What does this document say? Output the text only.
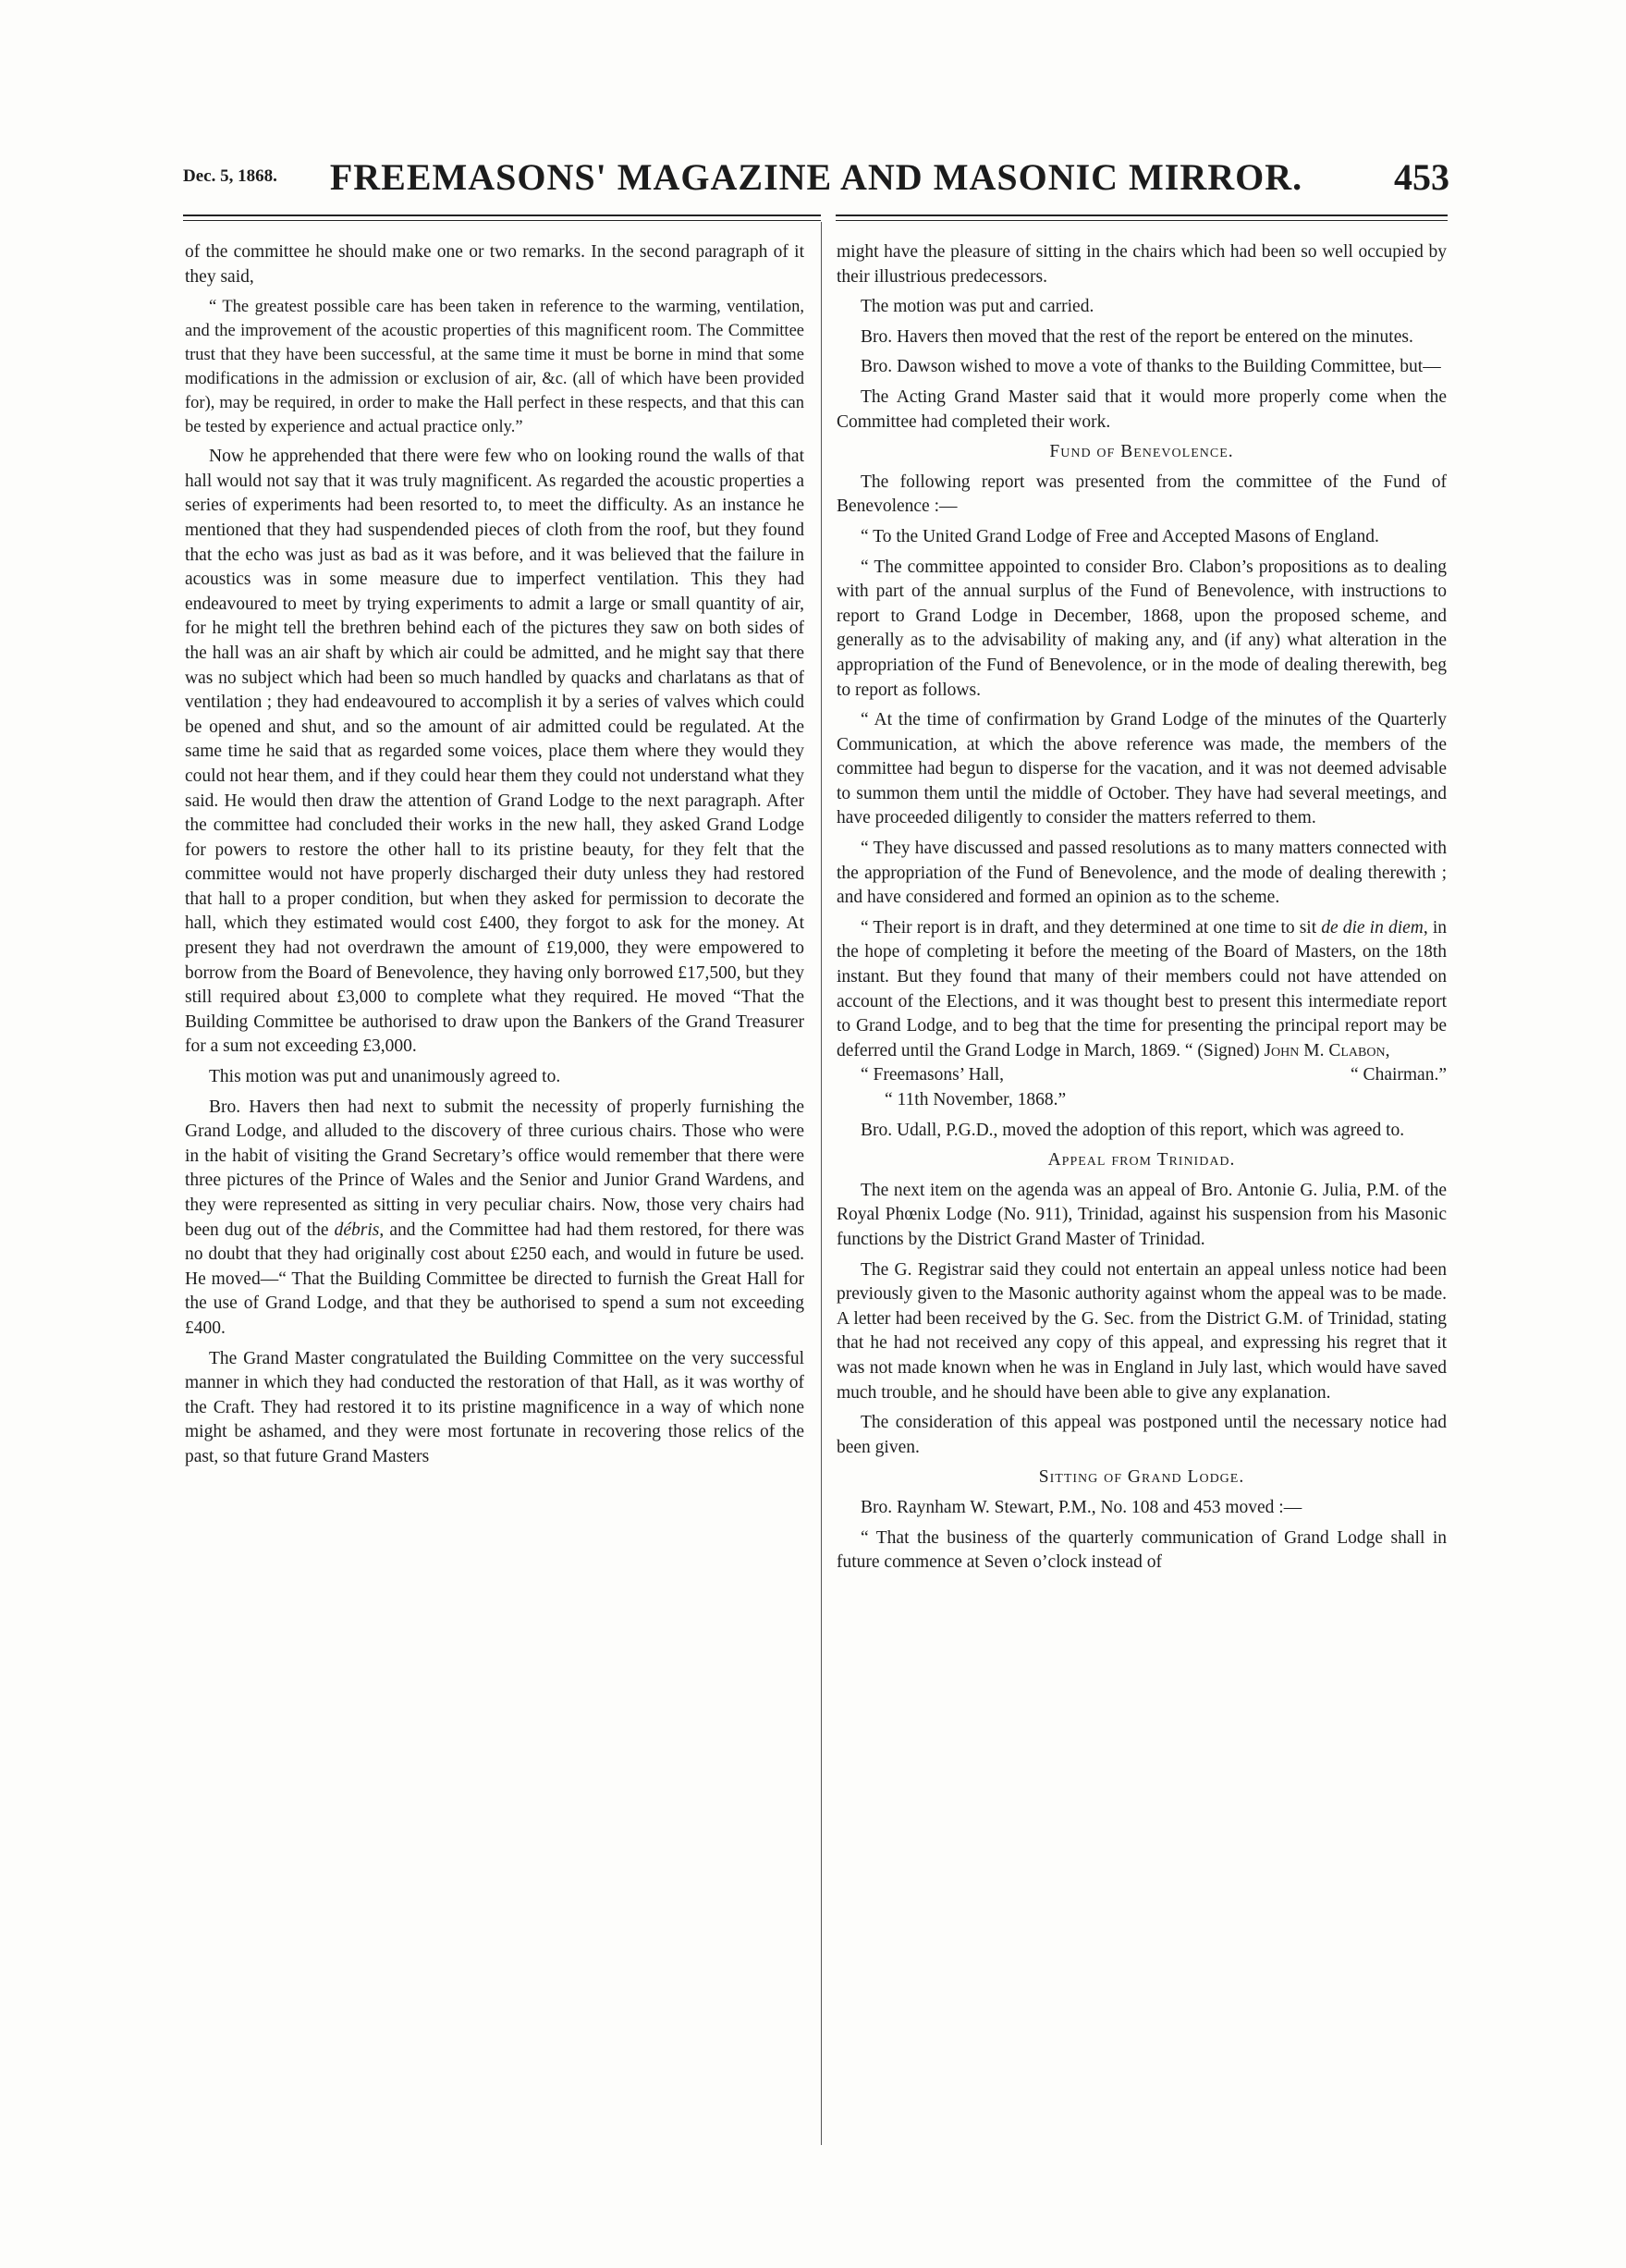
Dec. 5, 1868.	FREEMASONS' MAGAZINE AND MASONIC MIRROR.	453

of the committee he should make one or two remarks. In the second paragraph of it they said,

“ The greatest possible care has been taken in reference to the warming, ventilation, and the improvement of the acoustic properties of this magnificent room. The Committee trust that they have been successful, at the same time it must be borne in mind that some modifications in the admission or exclusion of air, &c. (all of which have been provided for), may be required, in order to make the Hall perfect in these respects, and that this can be tested by experience and actual practice only.”

Now he apprehended that there were few who on looking round the walls of that hall would not say that it was truly magnificent. As regarded the acoustic properties a series of experiments had been resorted to, to meet the difficulty. As an instance he mentioned that they had suspendended pieces of cloth from the roof, but they found that the echo was just as bad as it was before, and it was believed that the failure in acoustics was in some measure due to imperfect ventilation. This they had endeavoured to meet by trying experiments to admit a large or small quantity of air, for he might tell the brethren behind each of the pictures they saw on both sides of the hall was an air shaft by which air could be admitted, and he might say that there was no subject which had been so much handled by quacks and charlatans as that of ventilation ; they had endeavoured to accomplish it by a series of valves which could be opened and shut, and so the amount of air admitted could be regulated. At the same time he said that as regarded some voices, place them where they would they could not hear them, and if they could hear them they could not understand what they said. He would then draw the attention of Grand Lodge to the next paragraph. After the committee had concluded their works in the new hall, they asked Grand Lodge for powers to restore the other hall to its pristine beauty, for they felt that the committee would not have properly discharged their duty unless they had restored that hall to a proper condition, but when they asked for permission to decorate the hall, which they estimated would cost £400, they forgot to ask for the money. At present they had not overdrawn the amount of £19,000, they were empowered to borrow from the Board of Benevolence, they having only borrowed £17,500, but they still required about £3,000 to complete what they required. He moved “That the Building Committee be authorised to draw upon the Bankers of the Grand Treasurer for a sum not exceeding £3,000.

This motion was put and unanimously agreed to.

Bro. Havers then had next to submit the necessity of properly furnishing the Grand Lodge, and alluded to the discovery of three curious chairs. Those who were in the habit of visiting the Grand Secretary’s office would remember that there were three pictures of the Prince of Wales and the Senior and Junior Grand Wardens, and they were represented as sitting in very peculiar chairs. Now, those very chairs had been dug out of the débris, and the Committee had had them restored, for there was no doubt that they had originally cost about £250 each, and would in future be used. He moved—“ That the Building Committee be directed to furnish the Great Hall for the use of Grand Lodge, and that they be authorised to spend a sum not exceeding £400.

The Grand Master congratulated the Building Committee on the very successful manner in which they had conducted the restoration of that Hall, as it was worthy of the Craft. They had restored it to its pristine magnificence in a way of which none might be ashamed, and they were most fortunate in recovering those relics of the past, so that future Grand Masters

might have the pleasure of sitting in the chairs which had been so well occupied by their illustrious predecessors.

The motion was put and carried.

Bro. Havers then moved that the rest of the report be entered on the minutes.

Bro. Dawson wished to move a vote of thanks to the Building Committee, but—

The Acting Grand Master said that it would more properly come when the Committee had completed their work.

Fund of Benevolence.

The following report was presented from the committee of the Fund of Benevolence :—

“ To the United Grand Lodge of Free and Accepted Masons of England.

“ The committee appointed to consider Bro. Clabon’s propositions as to dealing with part of the annual surplus of the Fund of Benevolence, with instructions to report to Grand Lodge in December, 1868, upon the proposed scheme, and generally as to the advisability of making any, and (if any) what alteration in the appropriation of the Fund of Benevolence, or in the mode of dealing therewith, beg to report as follows.

“ At the time of confirmation by Grand Lodge of the minutes of the Quarterly Communication, at which the above reference was made, the members of the committee had begun to disperse for the vacation, and it was not deemed advisable to summon them until the middle of October. They have had several meetings, and have proceeded diligently to consider the matters referred to them.

“ They have discussed and passed resolutions as to many matters connected with the appropriation of the Fund of Benevolence, and the mode of dealing therewith ; and have considered and formed an opinion as to the scheme.

“ Their report is in draft, and they determined at one time to sit de die in diem, in the hope of completing it before the meeting of the Board of Masters, on the 18th instant. But they found that many of their members could not have attended on account of the Elections, and it was thought best to present this intermediate report to Grand Lodge, and to beg that the time for presenting the principal report may be deferred until the Grand Lodge in March, 1869. “ (Signed) John M. Clabon,

“ Freemasons’ Hall,	“ Chairman.”

“ 11th November, 1868.”

Bro. Udall, P.G.D., moved the adoption of this report, which was agreed to.

Appeal from Trinidad.

The next item on the agenda was an appeal of Bro. Antonie G. Julia, P.M. of the Royal Phœnix Lodge (No. 911), Trinidad, against his suspension from his Masonic functions by the District Grand Master of Trinidad.

The G. Registrar said they could not entertain an appeal unless notice had been previously given to the Masonic authority against whom the appeal was to be made. A letter had been received by the G. Sec. from the District G.M. of Trinidad, stating that he had not received any copy of this appeal, and expressing his regret that it was not made known when he was in England in July last, which would have saved much trouble, and he should have been able to give any explanation.

The consideration of this appeal was postponed until the necessary notice had been given.

Sitting of Grand Lodge.

Bro. Raynham W. Stewart, P.M., No. 108 and 453 moved :—

“ That the business of the quarterly communication of Grand Lodge shall in future commence at Seven o’clock instead of
